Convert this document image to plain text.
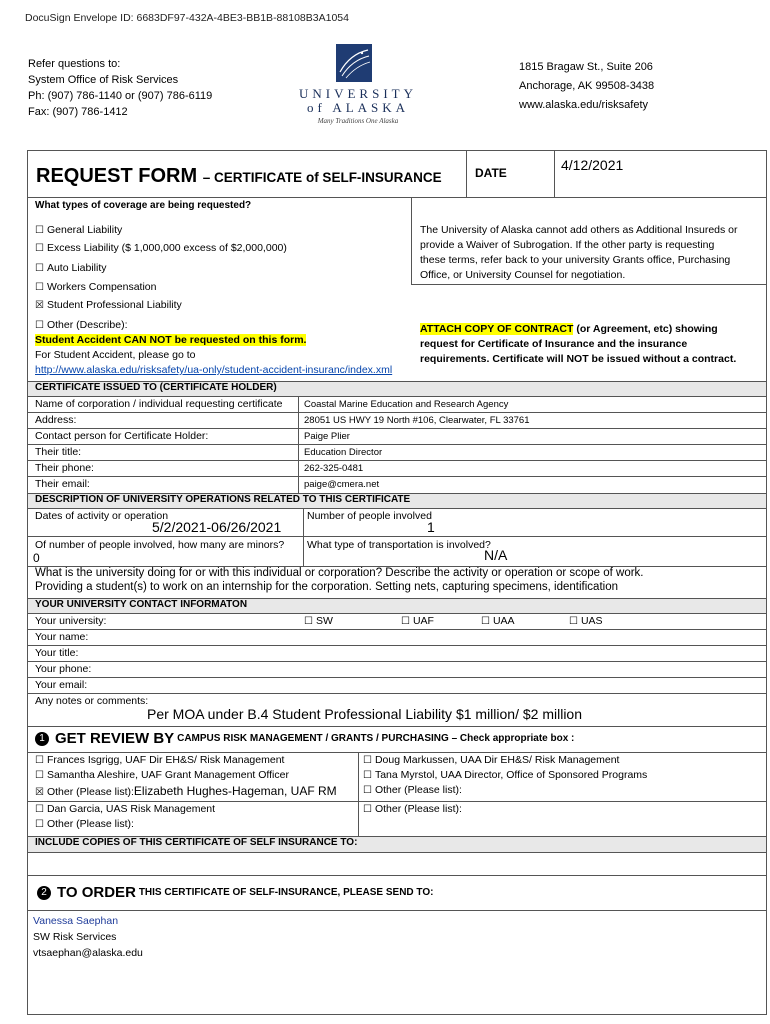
DocuSign Envelope ID: 6683DF97-432A-4BE3-BB1B-88108B3A1054
Refer questions to:
System Office of Risk Services
Ph: (907) 786-1140 or (907) 786-6119
Fax: (907) 786-1412
UNIVERSITY
of ALASKA
Many Traditions One Alaska
1815 Bragaw St., Suite 206
Anchorage, AK 99508-3438
www.alaska.edu/risksafety
REQUEST FORM – CERTIFICATE of SELF-INSURANCE	DATE	4/12/2021
What types of coverage are being requested?
☐ General Liability
☐ Excess Liability ($ 1,000,000 excess of $2,000,000)
☐ Auto Liability
☐ Workers Compensation
☒ Student Professional Liability
☐ Other (Describe):
Student Accident CAN NOT be requested on this form.
For Student Accident, please go to
http://www.alaska.edu/risksafety/ua-only/student-accident-insuranc/index.xml
The University of Alaska cannot add others as Additional Insureds or
provide a Waiver of Subrogation. If the other party is requesting
these terms, refer back to your university Grants office, Purchasing
Office, or University Counsel for negotiation.
ATTACH COPY OF CONTRACT (or Agreement, etc) showing
request for Certificate of Insurance and the insurance
requirements. Certificate will NOT be issued without a contract.
CERTIFICATE ISSUED TO (CERTIFICATE HOLDER)
Name of corporation / individual requesting certificate Coastal Marine Education and Research Agency
Address:	28051 US HWY 19 North #106, Clearwater, FL 33761
Contact person for Certificate Holder:	Paige Plier
Their title:	Education Director
Their phone:	262-325-0481
Their email:	paige@cmera.net
DESCRIPTION OF UNIVERSITY OPERATIONS RELATED TO THIS CERTIFICATE
Dates of activity or operation
5/2/2021-06/26/2021
Number of people involved
1
Of number of people involved, how many are minors?
0
What type of transportation is involved?
N/A
What is the university doing for or with this individual or corporation? Describe the activity or operation or scope of work.
Providing a student(s) to work on an internship for the corporation. Setting nets, capturing specimens, identification
YOUR UNIVERSITY CONTACT INFORMATON
Your university:	☐ SW	☐ UAF	☐ UAA	☐ UAS
Your name:
Your title:
Your phone:
Your email:
Any notes or comments:
Per MOA under B.4 Student Professional Liability $1 million/ $2 million
1 GET REVIEW BY CAMPUS RISK MANAGEMENT / GRANTS / PURCHASING – Check appropriate box :
☐ Frances Isgrigg, UAF Dir EH&S/ Risk Management
☐ Samantha Aleshire, UAF Grant Management Officer
☒ Other (Please list):Elizabeth Hughes-Hageman, UAF RM
☐ Dan Garcia, UAS Risk Management
☐ Other (Please list):
☐ Doug Markussen, UAA Dir EH&S/ Risk Management
☐ Tana Myrstol, UAA Director, Office of Sponsored Programs
☐ Other (Please list):
☐ Other (Please list):
INCLUDE COPIES OF THIS CERTIFICATE OF SELF INSURANCE TO:
2 TO ORDER THIS CERTIFICATE OF SELF-INSURANCE, PLEASE SEND TO:
Vanessa Saephan
SW Risk Services
vtsaephan@alaska.edu
